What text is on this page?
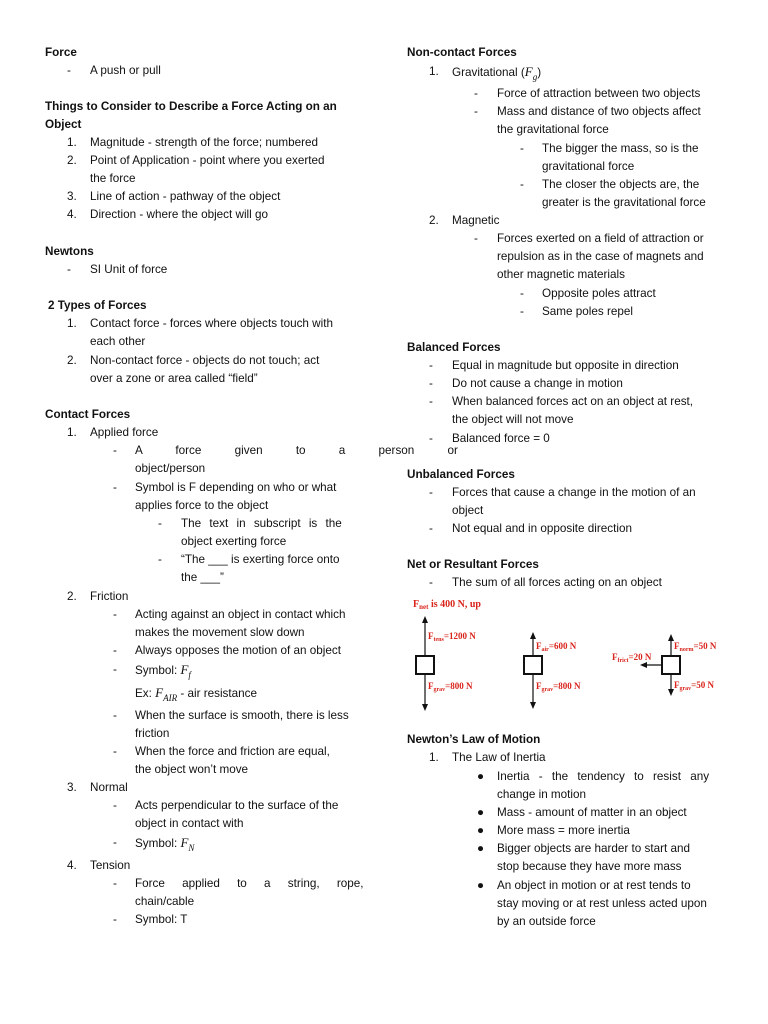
Force
- A push or pull
Things to Consider to Describe a Force Acting on an
Object
1. Magnitude - strength of the force; numbered
2. Point of Application - point where you exerted
the force
3. Line of action - pathway of the object
4. Direction - where the object will go
Newtons
- SI Unit of force
2 Types of Forces
1. Contact force - forces where objects touch with
each other
2. Non-contact force - objects do not touch; act
over a zone or area called “field”
Contact Forces
1. Applied force
- A force given to a person or
object/person
- Symbol is F depending on who or what
applies force to the object
- The text in subscript is the
object exerting force
- “The ___ is exerting force onto
the ___”
2. Friction
- Acting against an object in contact which
makes the movement slow down
- Always opposes the motion of an object
- Symbol: $F_f$
Ex: $F_{AIR}$ - air resistance
- When the surface is smooth, there is less
friction
- When the force and friction are equal,
the object won’t move
3. Normal
- Acts perpendicular to the surface of the
object in contact with
- Symbol: $F_N$
4. Tension
- Force applied to a string, rope,
chain/cable
- Symbol: T
Non-contact Forces
1. Gravitational $(F_g)$
- Force of attraction between two objects
- Mass and distance of two objects affect
the gravitational force
- The bigger the mass, so is the
gravitational force
- The closer the objects are, the
greater is the gravitational force
2. Magnetic
- Forces exerted on a field of attraction or
repulsion as in the case of magnets and
other magnetic materials
- Opposite poles attract
- Same poles repel
Balanced Forces
- Equal in magnitude but opposite in direction
- Do not cause a change in motion
- When balanced forces act on an object at rest,
the object will not move
- Balanced force = 0
Unbalanced Forces
- Forces that cause a change in the motion of an
object
- Not equal and in opposite direction
Net or Resultant Forces
- The sum of all forces acting on an object
$F_{net}$ is 400 N, up
$F_{tens}=1200$ N
$F_{grav}=800$ N
$F_{air}=600$ N
$F_{grav}=800$ N
$F_{frict}=20$ N
$F_{norm}=50$ N
$F_{grav}=50$ N
Newton’s Law of Motion
1. The Law of Inertia
● Inertia - the tendency to resist any
change in motion
● Mass - amount of matter in an object
● More mass = more inertia
● Bigger objects are harder to start and
stop because they have more mass
● An object in motion or at rest tends to
stay moving or at rest unless acted upon
by an outside force
